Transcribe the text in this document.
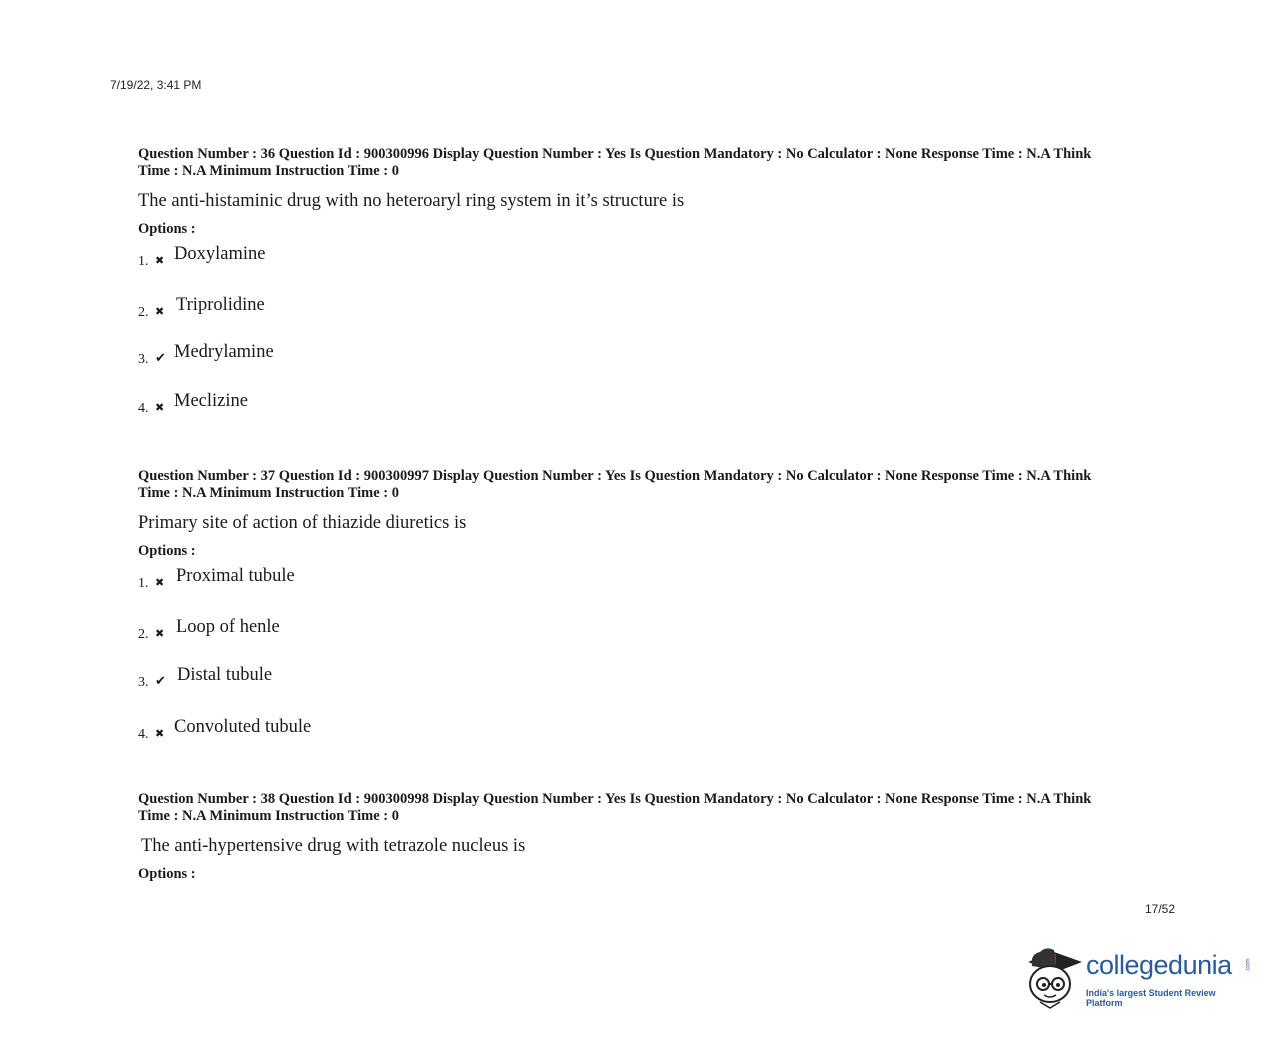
7/19/22, 3:41 PM

Question Number : 36 Question Id : 900300996 Display Question Number : Yes Is Question Mandatory : No Calculator : None Response Time : N.A Think
Time : N.A Minimum Instruction Time : 0

The anti-histaminic drug with no heteroaryl ring system in it’s structure is
Options :
1. ✖ Doxylamine
2. ✖ Triprolidine
3. ✔ Medrylamine
4. ✖ Meclizine

Question Number : 37 Question Id : 900300997 Display Question Number : Yes Is Question Mandatory : No Calculator : None Response Time : N.A Think
Time : N.A Minimum Instruction Time : 0

Primary site of action of thiazide diuretics is
Options :
1. ✖ Proximal tubule
2. ✖ Loop of henle
3. ✔ Distal tubule
4. ✖ Convoluted tubule

Question Number : 38 Question Id : 900300998 Display Question Number : Yes Is Question Mandatory : No Calculator : None Response Time : N.A Think
Time : N.A Minimum Instruction Time : 0

The anti-hypertensive drug with tetrazole nucleus is
Options :
17/52
collegedunia .com
India's largest Student Review Platform
